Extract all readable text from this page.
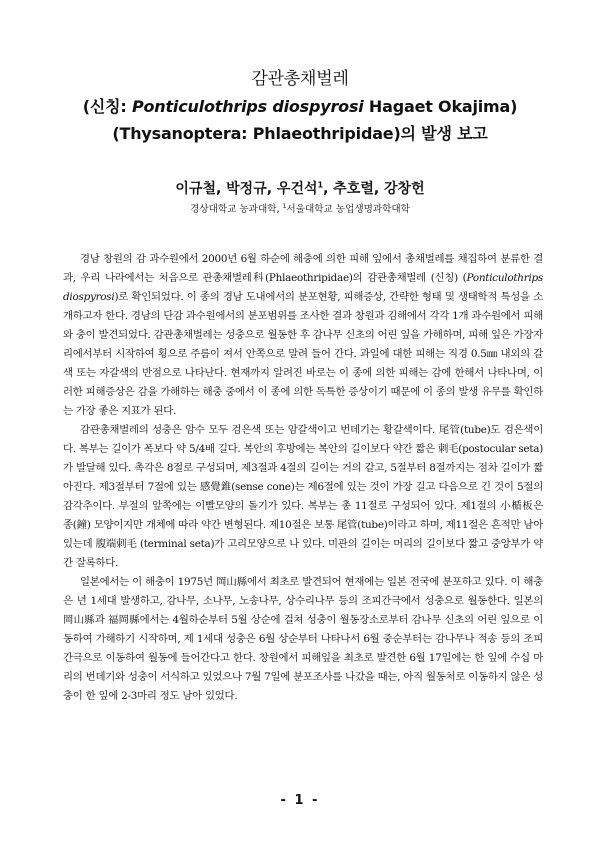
감관총채벌레
(신칭: Ponticulothrips diospyrosi Hagaet Okajima)
(Thysanoptera: Phlaeothripidae)의 발생 보고
이규철, 박정규, 우건석$^1$, 추호렬, 강창헌
경상대학교 농과대학, $^1$서울대학교 농업생명과학대학

경남 창원의 감 과수원에서 2000년 6월 하순에 해충에 의한 피해 잎에서 총채벌레를 채집하여 분류한 결과, 우리 나라에서는 처음으로 관총채벌레科(Phlaeothripidae)의 감관총채벌레 (신칭) (Ponticulothrips diospyrosi)로 확인되었다. 이 종의 경남 도내에서의 분포현황, 피해증상, 간략한 형태 및 생태학적 특성을 소개하고자 한다. 경남의 단감 과수원에서의 분포범위를 조사한 결과 창원과 김해에서 각각 1개 과수원에서 피해와 충이 발견되었다. 감관총채벌레는 성충으로 월동한 후 감나무 신초의 어린 잎을 가해하며, 피해 잎은 가장자리에서부터 시작하여 횡으로 주름이 져서 안쪽으로 말려 들어 간다. 과일에 대한 피해는 직경 0.5㎜ 내외의 갈색 또는 자갈색의 반점으로 나타난다. 현재까지 알려진 바로는 이 종에 의한 피해는 감에 한해서 나타나며, 이러한 피해증상은 감을 가해하는 해충 중에서 이 종에 의한 독특한 증상이기 때문에 이 종의 발생 유무를 확인하는 가장 좋은 지표가 된다.

감관총채벌레의 성충은 암수 모두 검은색 또는 암갈색이고 번데기는 황갈색이다. 尾管(tube)도 검은색이다. 복부는 길이가 폭보다 약 5/4배 길다. 복안의 후방에는 복안의 길이보다 약간 짧은 刺毛(postocular seta)가 발달해 있다. 촉각은 8절로 구성되며, 제3절과 4절의 길이는 거의 같고, 5절부터 8절까지는 점차 길이가 짧아진다. 제3절부터 7절에 있는 感覺錐(sense cone)는 제6절에 있는 것이 가장 길고 다음으로 긴 것이 5절의 감각추이다. 부절의 앞쪽에는 이빨모양의 돌기가 있다. 복부는 총 11절로 구성되어 있다. 제1절의 小楯板은 종(鐘) 모양이지만 개체에 따라 약간 변형된다. 제10절은 보통 尾管(tube)이라고 하며, 제11절은 흔적만 남아있는데 腹端刺毛 (terminal seta)가 고리모양으로 나 있다. 미관의 길이는 머리의 길이보다 짧고 중앙부가 약간 잘록하다.

일본에서는 이 해충이 1975년 岡山縣에서 최초로 발견되어 현재에는 일본 전국에 분포하고 있다. 이 해충은 년 1세대 발생하고, 감나무, 소나무, 노송나무, 상수리나무 등의 조피간극에서 성충으로 월동한다. 일본의 岡山縣과 福岡縣에서는 4월하순부터 5월 상순에 걸쳐 성충이 월동장소로부터 감나무 신초의 어린 잎으로 이동하여 가해하기 시작하며, 제 1세대 성충은 6월 상순부터 나타나서 6월 중순부터는 감나무나 적송 등의 조피간극으로 이동하여 월동에 들어간다고 한다. 창원에서 피해잎을 최초로 발견한 6월 17일에는 한 잎에 수십 마리의 번데기와 성충이 서식하고 있었으나 7월 7일에 분포조사를 나갔을 때는, 아직 월동처로 이동하지 않은 성충이 한 잎에 2-3마리 정도 남아 있었다.

- 1 -
